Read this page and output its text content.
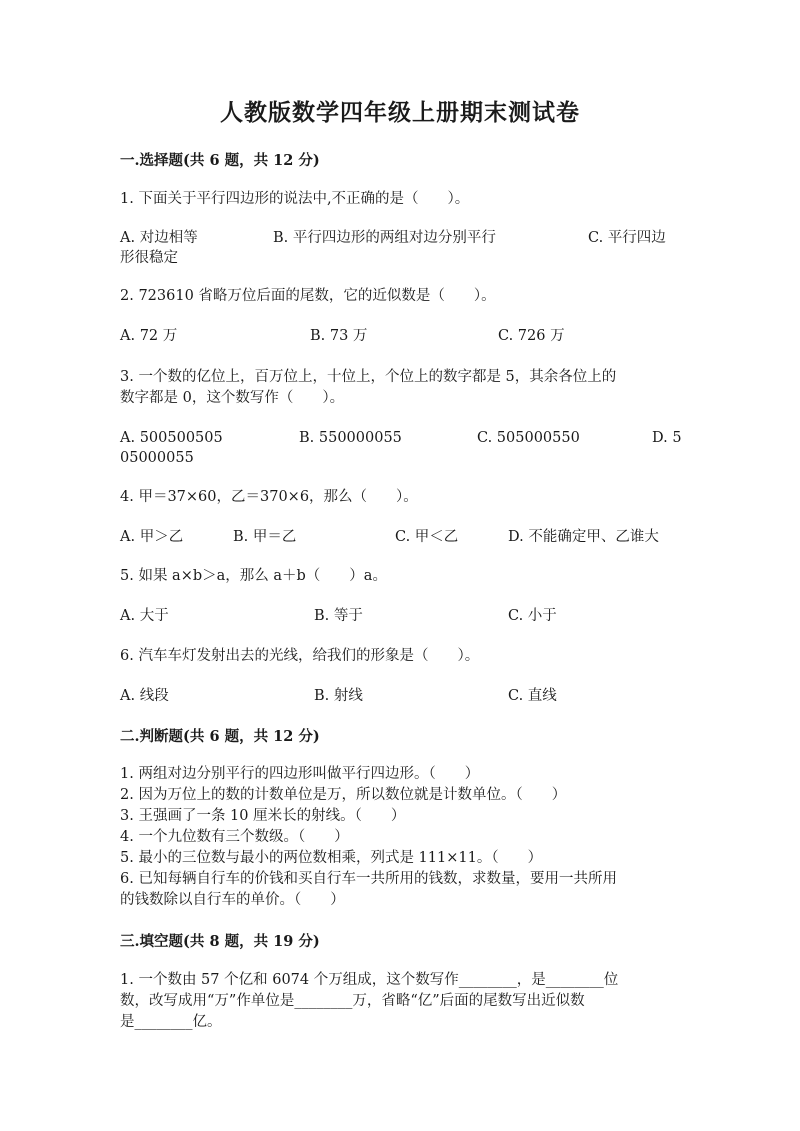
人教版数学四年级上册期末测试卷
一.选择题(共 6 题，共 12 分)
1. 下面关于平行四边形的说法中,不正确的是（　　）。
A. 对边相等	B. 平行四边形的两组对边分别平行	C. 平行四边
形很稳定
2. 723610 省略万位后面的尾数，它的近似数是（　　）。
A. 72 万	B. 73 万	C. 726 万
3. 一个数的亿位上，百万位上，十位上，个位上的数字都是 5，其余各位上的
数字都是 0，这个数写作（　　）。
A. 500500505	B. 550000055	C. 505000550	D. 5
05000055
4. 甲＝37×60，乙＝370×6，那么（　　）。
A. 甲＞乙	B. 甲＝乙	C. 甲＜乙	D. 不能确定甲、乙谁大
5. 如果 a×b＞a，那么 a＋b（　　）a。
A. 大于	B. 等于	C. 小于
6. 汽车车灯发射出去的光线，给我们的形象是（　　）。
A. 线段	B. 射线	C. 直线
二.判断题(共 6 题，共 12 分)
1. 两组对边分别平行的四边形叫做平行四边形。（　　）
2. 因为万位上的数的计数单位是万，所以数位就是计数单位。（　　）
3. 王强画了一条 10 厘米长的射线。（　　）
4. 一个九位数有三个数级。（　　）
5. 最小的三位数与最小的两位数相乘，列式是 111×11。（　　）
6. 已知每辆自行车的价钱和买自行车一共所用的钱数，求数量，要用一共所用
的钱数除以自行车的单价。（　　）
三.填空题(共 8 题，共 19 分)
1. 一个数由 57 个亿和 6074 个万组成，这个数写作________，是________位
数，改写成用“万”作单位是________万，省略“亿”后面的尾数写出近似数
是________亿。
